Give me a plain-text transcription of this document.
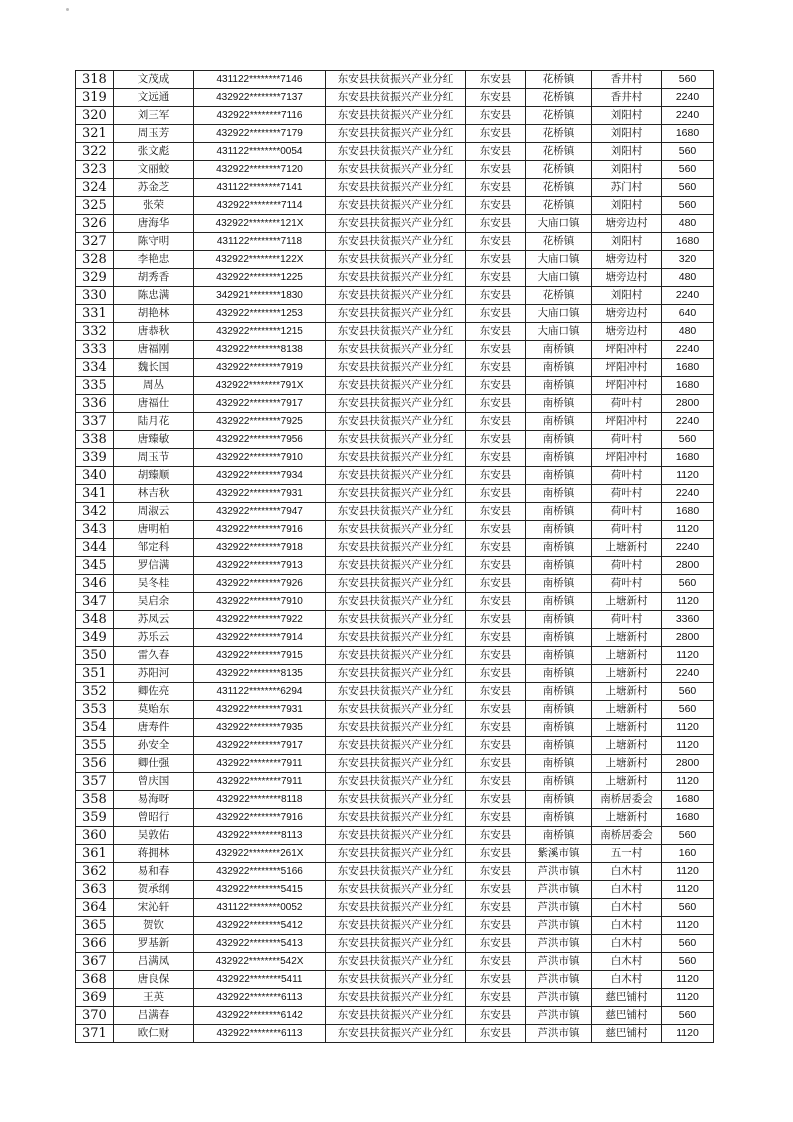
318	文茂成	431122********7146	东安县扶贫振兴产业分红	东安县	花桥镇	香井村	560
319	文远通	432922********7137	东安县扶贫振兴产业分红	东安县	花桥镇	香井村	2240
320	刘三军	432922********7116	东安县扶贫振兴产业分红	东安县	花桥镇	刘阳村	2240
321	周玉芳	432922********7179	东安县扶贫振兴产业分红	东安县	花桥镇	刘阳村	1680
322	张文彪	431122********0054	东安县扶贫振兴产业分红	东安县	花桥镇	刘阳村	560
323	文丽蛟	432922********7120	东安县扶贫振兴产业分红	东安县	花桥镇	刘阳村	560
324	苏金芝	431122********7141	东安县扶贫振兴产业分红	东安县	花桥镇	苏门村	560
325	张荣	432922********7114	东安县扶贫振兴产业分红	东安县	花桥镇	刘阳村	560
326	唐海华	432922********121X	东安县扶贫振兴产业分红	东安县	大庙口镇	塘旁边村	480
327	陈守明	431122********7118	东安县扶贫振兴产业分红	东安县	花桥镇	刘阳村	1680
328	李艳忠	432922********122X	东安县扶贫振兴产业分红	东安县	大庙口镇	塘旁边村	320
329	胡秀香	432922********1225	东安县扶贫振兴产业分红	东安县	大庙口镇	塘旁边村	480
330	陈忠满	342921********1830	东安县扶贫振兴产业分红	东安县	花桥镇	刘阳村	2240
331	胡艳林	432922********1253	东安县扶贫振兴产业分红	东安县	大庙口镇	塘旁边村	640
332	唐恭秋	432922********1215	东安县扶贫振兴产业分红	东安县	大庙口镇	塘旁边村	480
333	唐福刚	432922********8138	东安县扶贫振兴产业分红	东安县	南桥镇	坪阳冲村	2240
334	魏长国	432922********7919	东安县扶贫振兴产业分红	东安县	南桥镇	坪阳冲村	1680
335	周丛	432922********791X	东安县扶贫振兴产业分红	东安县	南桥镇	坪阳冲村	1680
336	唐福仕	432922********7917	东安县扶贫振兴产业分红	东安县	南桥镇	荷叶村	2800
337	陆月花	432922********7925	东安县扶贫振兴产业分红	东安县	南桥镇	坪阳冲村	2240
338	唐臻敏	432922********7956	东安县扶贫振兴产业分红	东安县	南桥镇	荷叶村	560
339	周玉节	432922********7910	东安县扶贫振兴产业分红	东安县	南桥镇	坪阳冲村	1680
340	胡臻顺	432922********7934	东安县扶贫振兴产业分红	东安县	南桥镇	荷叶村	1120
341	林吉秋	432922********7931	东安县扶贫振兴产业分红	东安县	南桥镇	荷叶村	2240
342	周淑云	432922********7947	东安县扶贫振兴产业分红	东安县	南桥镇	荷叶村	1680
343	唐明柏	432922********7916	东安县扶贫振兴产业分红	东安县	南桥镇	荷叶村	1120
344	邹定科	432922********7918	东安县扶贫振兴产业分红	东安县	南桥镇	上塘新村	2240
345	罗信满	432922********7913	东安县扶贫振兴产业分红	东安县	南桥镇	荷叶村	2800
346	吴冬桂	432922********7926	东安县扶贫振兴产业分红	东安县	南桥镇	荷叶村	560
347	吴启余	432922********7910	东安县扶贫振兴产业分红	东安县	南桥镇	上塘新村	1120
348	苏凤云	432922********7922	东安县扶贫振兴产业分红	东安县	南桥镇	荷叶村	3360
349	苏乐云	432922********7914	东安县扶贫振兴产业分红	东安县	南桥镇	上塘新村	2800
350	雷久春	432922********7915	东安县扶贫振兴产业分红	东安县	南桥镇	上塘新村	1120
351	苏阳河	432922********8135	东安县扶贫振兴产业分红	东安县	南桥镇	上塘新村	2240
352	卿佐亮	431122********6294	东安县扶贫振兴产业分红	东安县	南桥镇	上塘新村	560
353	莫贻东	432922********7931	东安县扶贫振兴产业分红	东安县	南桥镇	上塘新村	560
354	唐寿件	432922********7935	东安县扶贫振兴产业分红	东安县	南桥镇	上塘新村	1120
355	孙安全	432922********7917	东安县扶贫振兴产业分红	东安县	南桥镇	上塘新村	1120
356	卿仕强	432922********7911	东安县扶贫振兴产业分红	东安县	南桥镇	上塘新村	2800
357	曾庆国	432922********7911	东安县扶贫振兴产业分红	东安县	南桥镇	上塘新村	1120
358	易海呀	432922********8118	东安县扶贫振兴产业分红	东安县	南桥镇	南桥居委会	1680
359	曾昭行	432922********7916	东安县扶贫振兴产业分红	东安县	南桥镇	上塘新村	1680
360	吴敦佑	432922********8113	东安县扶贫振兴产业分红	东安县	南桥镇	南桥居委会	560
361	蒋拥林	432922********261X	东安县扶贫振兴产业分红	东安县	紫溪市镇	五一村	160
362	易和春	432922********5166	东安县扶贫振兴产业分红	东安县	芦洪市镇	白木村	1120
363	贺承纲	432922********5415	东安县扶贫振兴产业分红	东安县	芦洪市镇	白木村	1120
364	宋沁轩	431122********0052	东安县扶贫振兴产业分红	东安县	芦洪市镇	白木村	560
365	贺钦	432922********5412	东安县扶贫振兴产业分红	东安县	芦洪市镇	白木村	1120
366	罗基新	432922********5413	东安县扶贫振兴产业分红	东安县	芦洪市镇	白木村	560
367	吕满凤	432922********542X	东安县扶贫振兴产业分红	东安县	芦洪市镇	白木村	560
368	唐良保	432922********5411	东安县扶贫振兴产业分红	东安县	芦洪市镇	白木村	1120
369	王英	432922********6113	东安县扶贫振兴产业分红	东安县	芦洪市镇	慈巴铺村	1120
370	吕满春	432922********6142	东安县扶贫振兴产业分红	东安县	芦洪市镇	慈巴铺村	560
371	欧仁财	432922********6113	东安县扶贫振兴产业分红	东安县	芦洪市镇	慈巴铺村	1120
